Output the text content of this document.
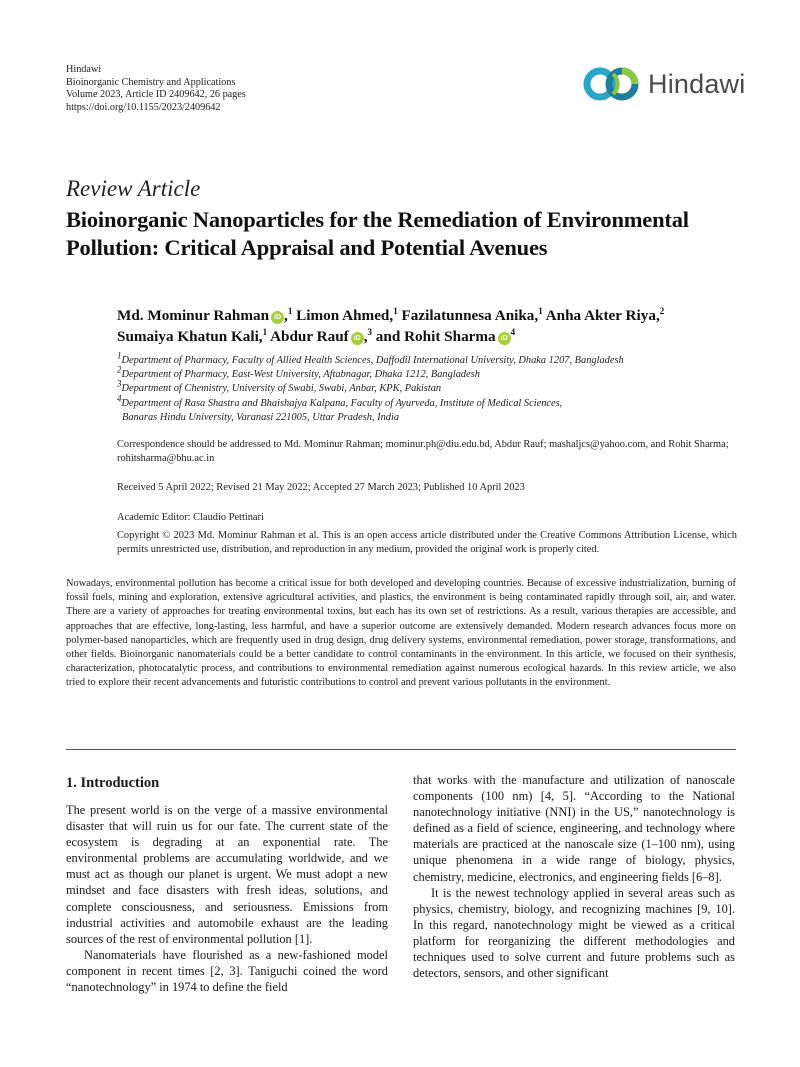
Hindawi
Bioinorganic Chemistry and Applications
Volume 2023, Article ID 2409642, 26 pages
https://doi.org/10.1155/2023/2409642
Hindawi
Review Article
Bioinorganic Nanoparticles for the Remediation of Environmental Pollution: Critical Appraisal and Potential Avenues
Md. Mominur Rahman iD ,$^1$ Limon Ahmed,$^1$ Fazilatunnesa Anika,$^1$ Anha Akter Riya,$^2$
Sumaiya Khatun Kali,$^1$ Abdur Rauf iD ,$^3$ and Rohit Sharma $iD^4$
$^1$Department of Pharmacy, Faculty of Allied Health Sciences, Daffodil International University, Dhaka 1207, Bangladesh
$^2$Department of Pharmacy, East-West University, Aftabnagar, Dhaka 1212, Bangladesh
$^3$Department of Chemistry, University of Swabi, Swabi, Anbar, KPK, Pakistan
$^4$Department of Rasa Shastra and Bhaishajya Kalpana, Faculty of Ayurveda, Institute of Medical Sciences,
Banaras Hindu University, Varanasi 221005, Uttar Pradesh, India
Correspondence should be addressed to Md. Mominur Rahman; mominur.ph@diu.edu.bd, Abdur Rauf; mashaljcs@yahoo.com, and Rohit Sharma; rohitsharma@bhu.ac.in
Received 5 April 2022; Revised 21 May 2022; Accepted 27 March 2023; Published 10 April 2023
Academic Editor: Claudio Pettinari
Copyright © 2023 Md. Mominur Rahman et al. This is an open access article distributed under the Creative Commons Attribution License, which permits unrestricted use, distribution, and reproduction in any medium, provided the original work is properly cited.
Nowadays, environmental pollution has become a critical issue for both developed and developing countries. Because of excessive industrialization, burning of fossil fuels, mining and exploration, extensive agricultural activities, and plastics, the environment is being contaminated rapidly through soil, air, and water. There are a variety of approaches for treating environmental toxins, but each has its own set of restrictions. As a result, various therapies are accessible, and approaches that are effective, long-lasting, less harmful, and have a superior outcome are extensively demanded. Modern research advances focus more on polymer-based nanoparticles, which are frequently used in drug design, drug delivery systems, environmental remediation, power storage, transformations, and other fields. Bioinorganic nanomaterials could be a better candidate to control contaminants in the environment. In this article, we focused on their synthesis, characterization, photocatalytic process, and contributions to environmental remediation against numerous ecological hazards. In this review article, we also tried to explore their recent advancements and futuristic contributions to control and prevent various pollutants in the environment.
1. Introduction

The present world is on the verge of a massive environmental disaster that will ruin us for our fate. The current state of the ecosystem is degrading at an exponential rate. The environmental problems are accumulating worldwide, and we must act as though our planet is urgent. We must adopt a new mindset and face disasters with fresh ideas, solutions, and complete consciousness, and seriousness. Emissions from industrial activities and automobile exhaust are the leading sources of the rest of environmental pollution [1].

Nanomaterials have flourished as a new-fashioned model component in recent times [2, 3]. Taniguchi coined the word “nanotechnology” in 1974 to define the field

that works with the manufacture and utilization of nanoscale components (100 nm) [4, 5]. “According to the National nanotechnology initiative (NNI) in the US,” nanotechnology is defined as a field of science, engineering, and technology where materials are practiced at the nanoscale size (1–100 nm), using unique phenomena in a wide range of biology, physics, chemistry, medicine, electronics, and engineering fields [6–8].

It is the newest technology applied in several areas such as physics, chemistry, biology, and recognizing machines [9, 10]. In this regard, nanotechnology might be viewed as a critical platform for reorganizing the different methodologies and techniques used to solve current and future problems such as detectors, sensors, and other significant
